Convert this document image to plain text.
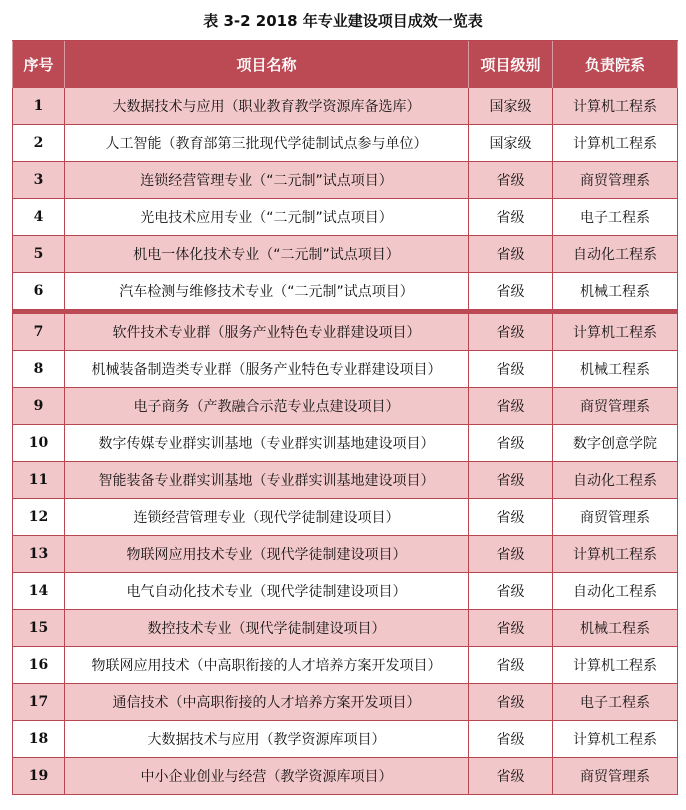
表 3-2 2018 年专业建设项目成效一览表
序号	项目名称	项目级别	负责院系
1	大数据技术与应用（职业教育教学资源库备选库）	国家级	计算机工程系
2	人工智能（教育部第三批现代学徒制试点参与单位）	国家级	计算机工程系
3	连锁经营管理专业（“二元制”试点项目）	省级	商贸管理系
4	光电技术应用专业（“二元制”试点项目）	省级	电子工程系
5	机电一体化技术专业（“二元制”试点项目）	省级	自动化工程系
6	汽车检测与维修技术专业（“二元制”试点项目）	省级	机械工程系
7	软件技术专业群（服务产业特色专业群建设项目）	省级	计算机工程系
8	机械装备制造类专业群（服务产业特色专业群建设项目）	省级	机械工程系
9	电子商务（产教融合示范专业点建设项目）	省级	商贸管理系
10	数字传媒专业群实训基地（专业群实训基地建设项目）	省级	数字创意学院
11	智能装备专业群实训基地（专业群实训基地建设项目）	省级	自动化工程系
12	连锁经营管理专业（现代学徒制建设项目）	省级	商贸管理系
13	物联网应用技术专业（现代学徒制建设项目）	省级	计算机工程系
14	电气自动化技术专业（现代学徒制建设项目）	省级	自动化工程系
15	数控技术专业（现代学徒制建设项目）	省级	机械工程系
16	物联网应用技术（中高职衔接的人才培养方案开发项目）	省级	计算机工程系
17	通信技术（中高职衔接的人才培养方案开发项目）	省级	电子工程系
18	大数据技术与应用（教学资源库项目）	省级	计算机工程系
19	中小企业创业与经营（教学资源库项目）	省级	商贸管理系
